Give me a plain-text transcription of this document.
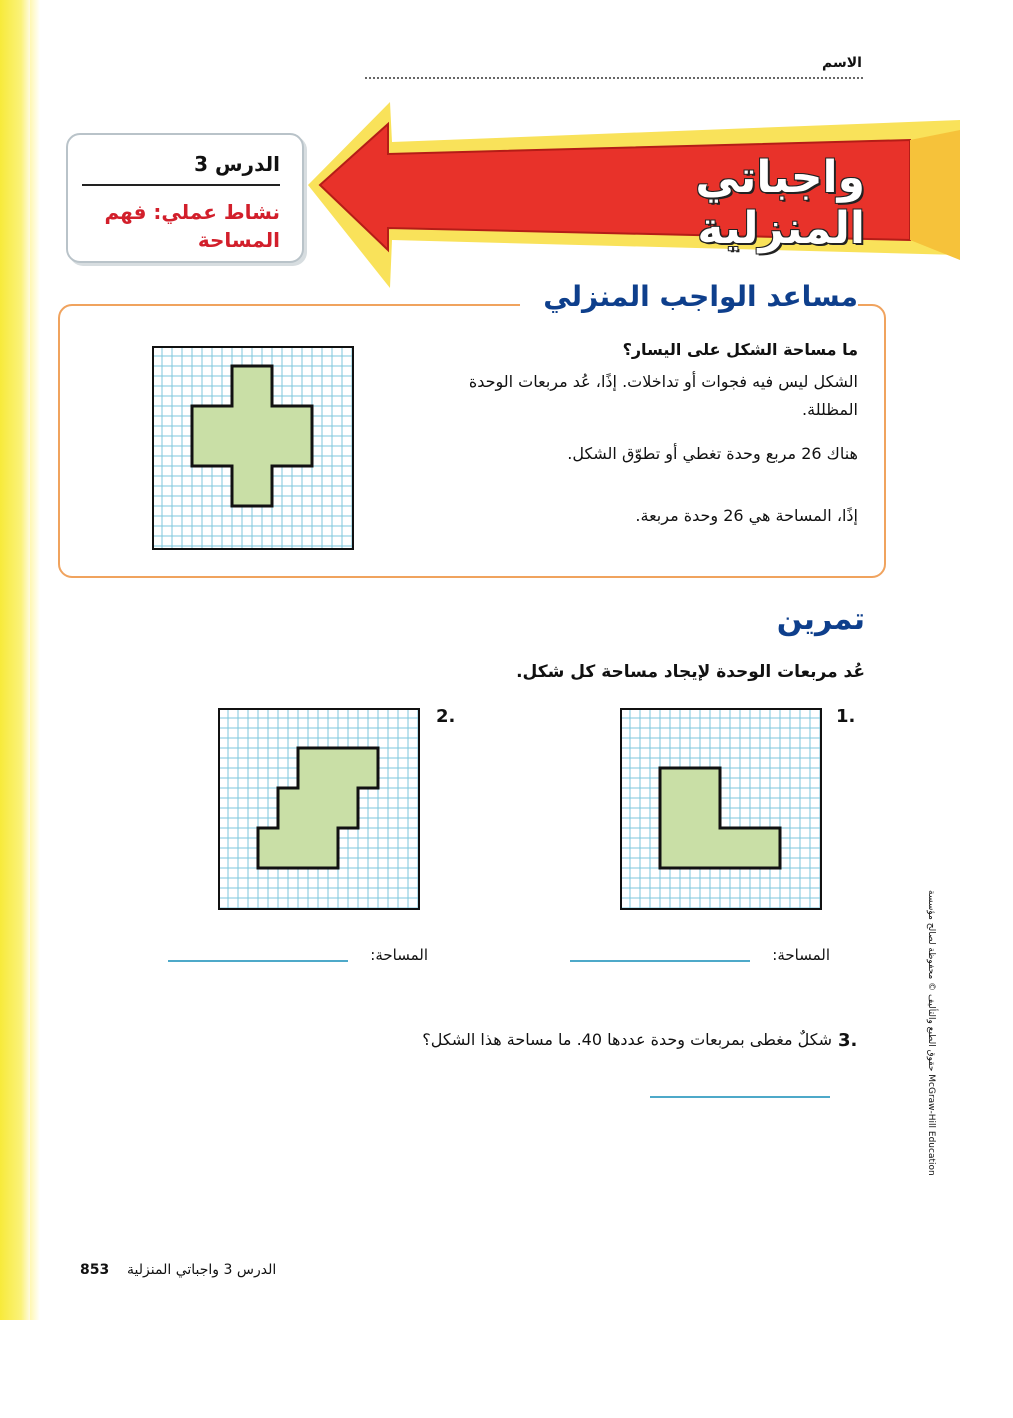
الاسم
واجباتي المنزلية
الدرس 3
نشاط عملي: فهم المساحة
مساعد الواجب المنزلي
ما مساحة الشكل على اليسار؟
الشكل ليس فيه فجوات أو تداخلات. إذًا، عُد مربعات الوحدة المظللة.
هناك 26 مربع وحدة تغطي أو تطوّق الشكل.
إذًا، المساحة هي 26 وحدة مربعة.
تمرين
عُد مربعات الوحدة لإيجاد مساحة كل شكل.
1.
2.
المساحة:
المساحة:
3.
شكلٌ مغطى بمربعات وحدة عددها 40. ما مساحة هذا الشكل؟	حقوق الطبع والتأليف © محفوظة لصالح مؤسسة McGraw-Hill Education
853 الدرس 3 واجباتي المنزلية
